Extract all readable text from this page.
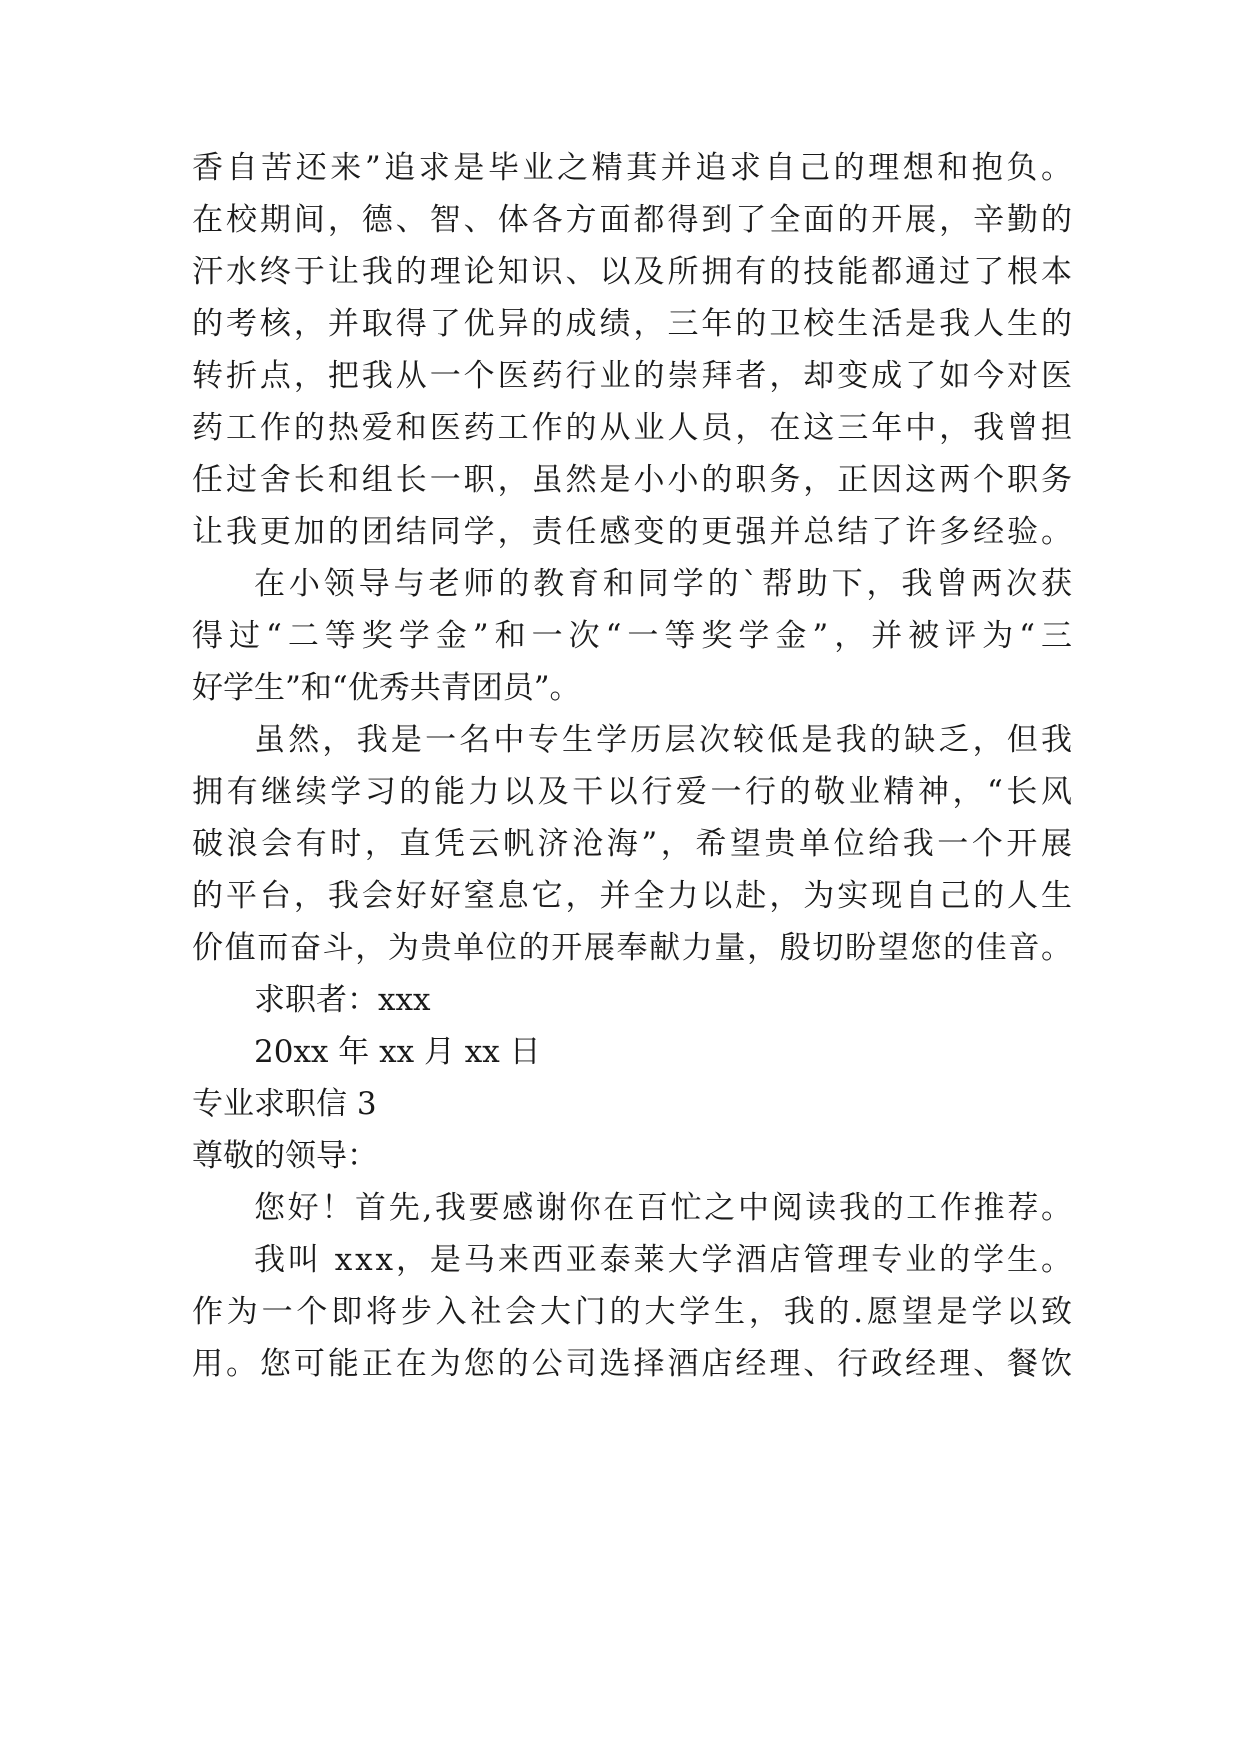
香自苦还来”追求是毕业之精萁并追求自己的理想和抱负。
在校期间，德、智、体各方面都得到了全面的开展，辛勤的
汗水终于让我的理论知识、以及所拥有的技能都通过了根本
的考核，并取得了优异的成绩，三年的卫校生活是我人生的
转折点，把我从一个医药行业的崇拜者，却变成了如今对医
药工作的热爱和医药工作的从业人员，在这三年中，我曾担
任过舍长和组长一职，虽然是小小的职务，正因这两个职务
让我更加的团结同学，责任感变的更强并总结了许多经验。
在小领导与老师的教育和同学的`帮助下，我曾两次获
得过“二等奖学金”和一次“一等奖学金”，并被评为“三
好学生”和“优秀共青团员”。
虽然，我是一名中专生学历层次较低是我的缺乏，但我
拥有继续学习的能力以及干以行爱一行的敬业精神，“长风
破浪会有时，直凭云帆济沧海”，希望贵单位给我一个开展
的平台，我会好好窒息它，并全力以赴，为实现自己的人生
价值而奋斗，为贵单位的开展奉献力量，殷切盼望您的佳音。
求职者：xxx
20xx 年 xx 月 xx 日
专业求职信 3
尊敬的领导：
您好！首先,我要感谢你在百忙之中阅读我的工作推荐。
我叫 xxx，是马来西亚泰莱大学酒店管理专业的学生。
作为一个即将步入社会大门的大学生，我的.愿望是学以致
用。您可能正在为您的公司选择酒店经理、行政经理、餐饮
